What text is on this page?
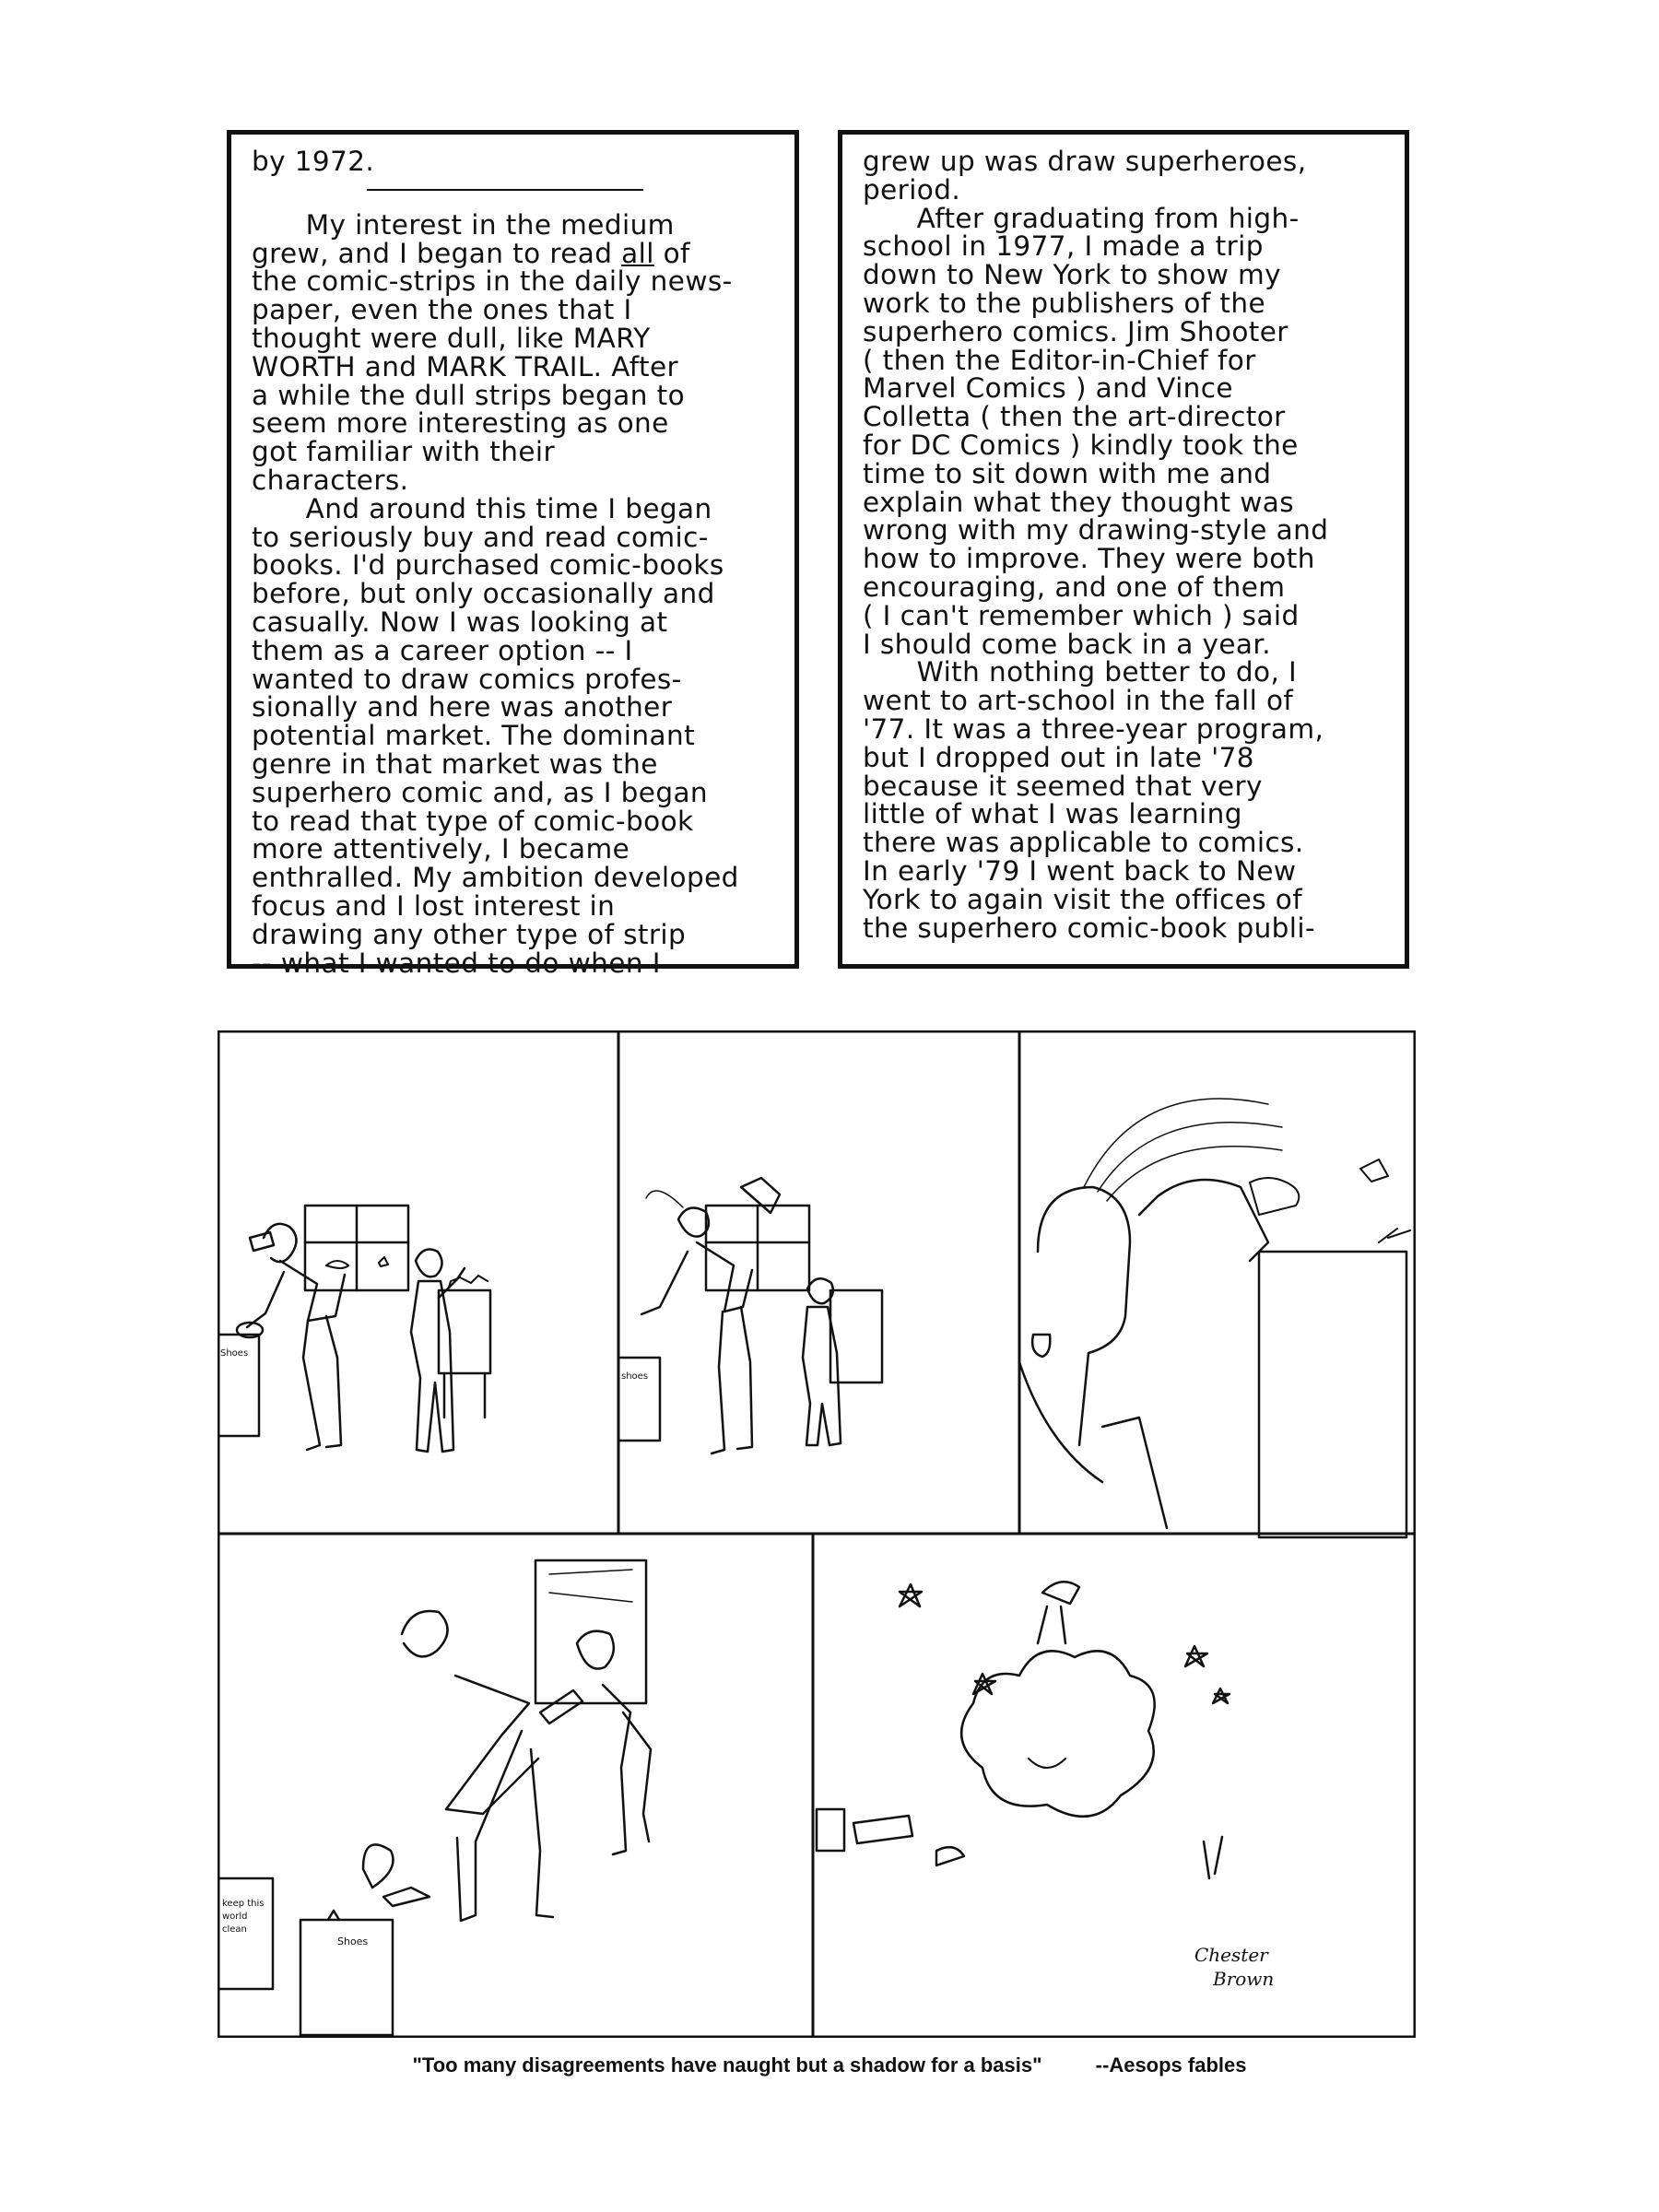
by 1972.

My interest in the medium

grew, and I began to read all of

the comic-strips in the daily news-

paper, even the ones that I

thought were dull, like MARY

WORTH and MARK TRAIL. After

a while the dull strips began to

seem more interesting as one

got familiar with their

characters.

And around this time I began

to seriously buy and read comic-

books. I'd purchased comic-books

before, but only occasionally and

casually. Now I was looking at

them as a career option -- I

wanted to draw comics profes-

sionally and here was another

potential market. The dominant

genre in that market was the

superhero comic and, as I began

to read that type of comic-book

more attentively, I became

enthralled. My ambition developed

focus and I lost interest in

drawing any other type of strip

-- what I wanted to do when I

grew up was draw superheroes,

period.

After graduating from high-

school in 1977, I made a trip

down to New York to show my

work to the publishers of the

superhero comics. Jim Shooter

( then the Editor-in-Chief for

Marvel Comics ) and Vince

Colletta ( then the art-director

for DC Comics ) kindly took the

time to sit down with me and

explain what they thought was

wrong with my drawing-style and

how to improve. They were both

encouraging, and one of them

( I can't remember which ) said

I should come back in a year.

With nothing better to do, I

went to art-school in the fall of

'77. It was a three-year program,

but I dropped out in late '78

because it seemed that very

little of what I was learning

there was applicable to comics.

In early '79 I went back to New

York to again visit the offices of

the superhero comic-book publi-

Shoes
shoes
keep this
world
clean
Shoes
Chester
Brown
"Too many disagreements have naught but a shadow for a basis"	--Aesops fables
